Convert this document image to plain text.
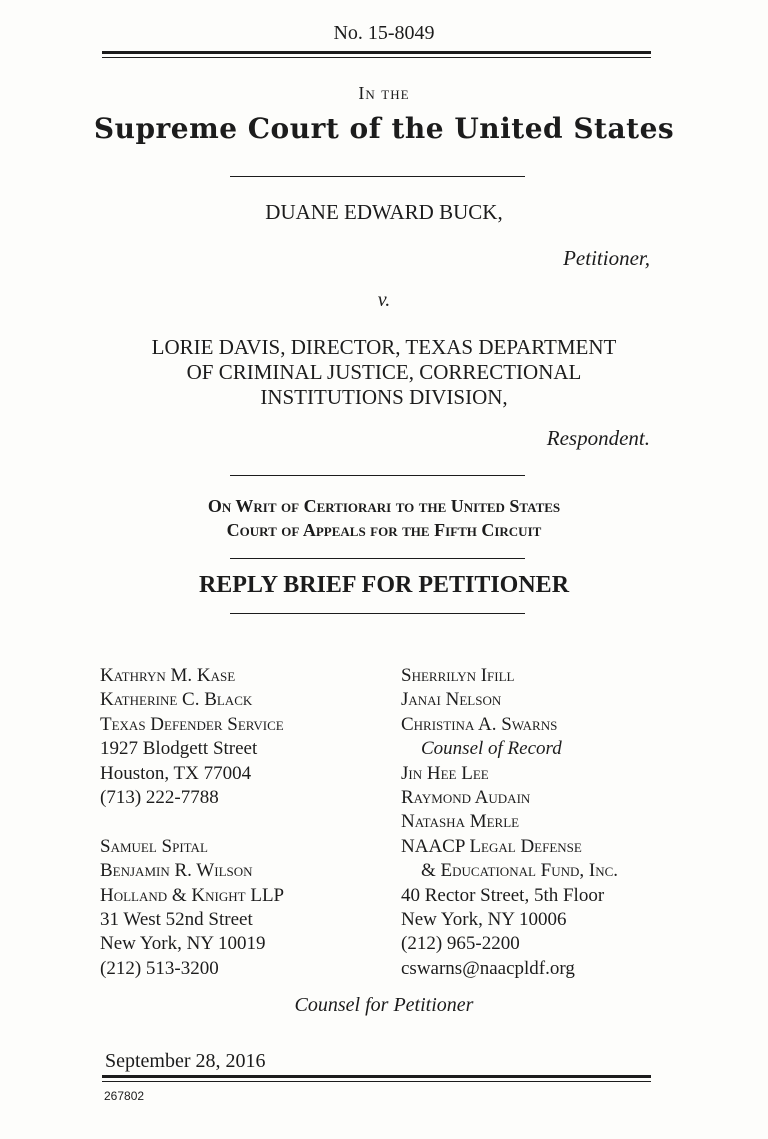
No. 15-8049
In the
Supreme Court of the United States
DUANE EDWARD BUCK,
Petitioner,
v.
LORIE DAVIS, DIRECTOR, TEXAS DEPARTMENT
OF CRIMINAL JUSTICE, CORRECTIONAL
INSTITUTIONS DIVISION,
Respondent.
On Writ of Certiorari to the United States
Court of Appeals for the Fifth Circuit
REPLY BRIEF FOR PETITIONER
Kathryn M. Kase
Katherine C. Black
Texas Defender Service
1927 Blodgett Street
Houston, TX 77004
(713) 222-7788
Samuel Spital
Benjamin R. Wilson
Holland & Knight LLP
31 West 52nd Street
New York, NY 10019
(212) 513-3200
Sherrilyn Ifill
Janai Nelson
Christina A. Swarns
Counsel of Record
Jin Hee Lee
Raymond Audain
Natasha Merle
NAACP Legal Defense
& Educational Fund, Inc.
40 Rector Street, 5th Floor
New York, NY 10006
(212) 965-2200
cswarns@naacpldf.org
Counsel for Petitioner
September 28, 2016
267802
